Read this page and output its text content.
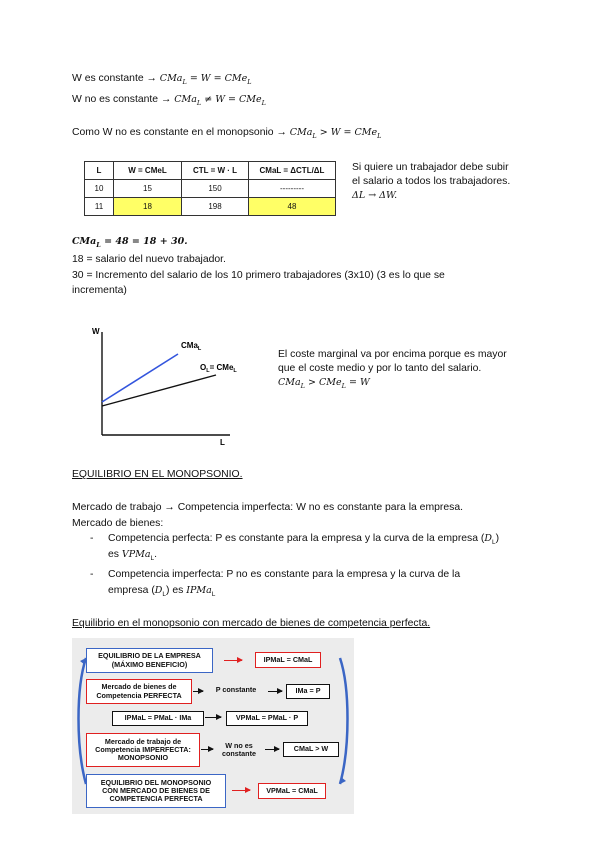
W es constante → CMa$_L$ = W = CMe$_L$
W no es constante → CMa$_L$ ≠ W = CMe$_L$
Como W no es constante en el monopsonio → CMa$_L$ > W = CMe$_L$
L	W = CMeL	CTL = W · L	CMaL = ΔCTL/ΔL
10	15	150	---------
11	18	198	48
Si quiere un trabajador debe subir
el salario a todos los trabajadores.
ΔL → ΔW.
CMa$_L$ = 48 = 18 + 30.
18 = salario del nuevo trabajador.
30 = Incremento del salario de los 10 primero trabajadores (3x10) (3 es lo que se
incrementa)
W
L
CMa$_L$
$O_L= CMe_L$
El coste marginal va por encima porque es mayor
que el coste medio y por lo tanto del salario.
CMa$_L$ > CMe$_L$ = W
EQUILIBRIO EN EL MONOPSONIO.
Mercado de trabajo → Competencia imperfecta: W no es constante para la empresa.
Mercado de bienes:
- Competencia perfecta: P es constante para la empresa y la curva de la empresa $(D_L)$
es VPMa$_L$.
- Competencia imperfecta: P no es constante para la empresa y la curva de la
empresa $(D_L)$ es IPMa$_L$
Equilibrio en el monopsonio con mercado de bienes de competencia perfecta.
EQUILIBRIO DE LA EMPRESA
(MÁXIMO BENEFICIO)
IPMaL = CMaL
Mercado de bienes de
Competencia PERFECTA
P constante	IMa = P
IPMaL = PMaL · IMa	VPMaL = PMaL · P
Mercado de trabajo de
Competencia IMPERFECTA:
MONOPSONIO
W no es
constante
CMaL > W
EQUILIBRIO DEL MONOPSONIO
CON MERCADO DE BIENES DE
COMPETENCIA PERFECTA
VPMaL = CMaL
